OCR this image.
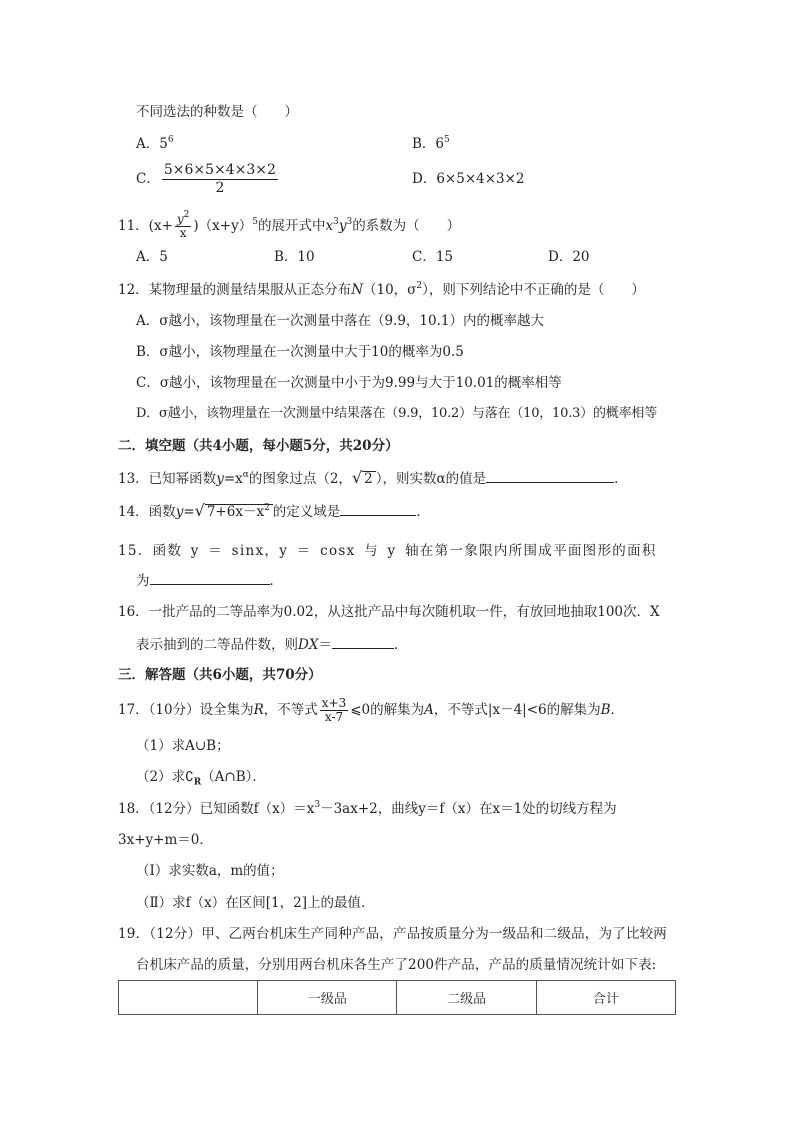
不同选法的种数是（　　）
A．$5^6$	B．$6^5$
C． $\frac{5\times 6\times 5\times 4\times 3\times 2}{2}$	D．6×5×4×3×2
11．$(x+ \frac{y^2}{x} )(x+y)^5$的展开式中$x^3y^3$的系数为（　　）
A．5	B．10	C．15	D．20
12．某物理量的测量结果服从正态分布N（10，$\sigma^2$），则下列结论中不正确的是（　　）
A．σ越小，该物理量在一次测量中落在（9.9，10.1）内的概率越大
B．σ越小，该物理量在一次测量中大于10的概率为0.5
C．σ越小，该物理量在一次测量中小于为9.99与大于10.01的概率相等
D．σ越小，该物理量在一次测量中结果落在（9.9，10.2）与落在（10，10.3）的概率相等
二．填空题（共4小题，每小题5分，共20分）
13．已知幂函数$y=x^\alpha$的图象过点（2，√ 2 ），则实数α的值是	．
14．函数y=√ $7+6x-x^2$ 的定义域是	．
15．函数 y ＝ sinx，y ＝ cosx 与 y 轴在第一象限内所围成平面图形的面积
为	．
16．一批产品的二等品率为0.02，从这批产品中每次随机取一件，有放回地抽取100次．X
表示抽到的二等品件数，则DX＝	．
三．解答题（共6小题，共70分）
17．（10分）设全集为R，不等式 $\frac{x+3}{x-7}$ ⩽0的解集为A，不等式|x－4|<6的解集为B．
（1）求A∪B；
（2）求$∁_R(A\cap B)$．
18．（12分）已知函数$f(x)=x^3-3ax+2$，曲线y＝f（x）在x＝1处的切线方程为
3x+y+m＝0．
（Ⅰ）求实数a，m的值；
（Ⅱ）求f（x）在区间[1，2]上的最值．
19．（12分）甲、乙两台机床生产同种产品，产品按质量分为一级品和二级品，为了比较两
台机床产品的质量，分别用两台机床各生产了200件产品，产品的质量情况统计如下表:
	一级品	二级品	合计
